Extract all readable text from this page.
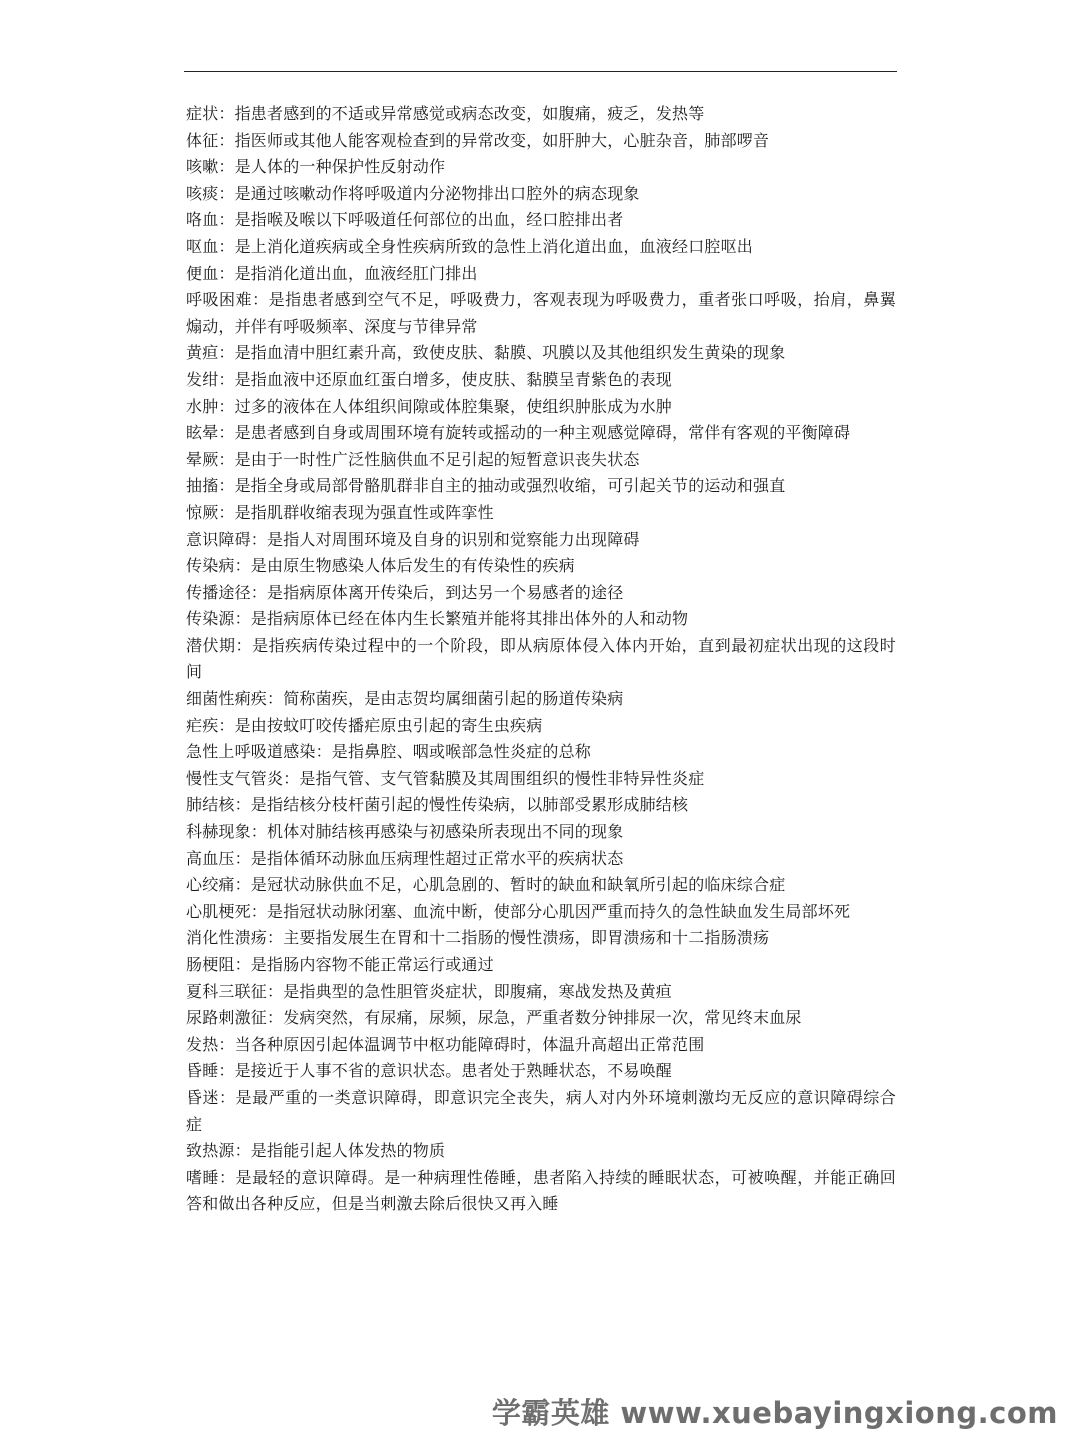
症状：指患者感到的不适或异常感觉或病态改变，如腹痛，疲乏，发热等

体征：指医师或其他人能客观检查到的异常改变，如肝肿大，心脏杂音，肺部啰音

咳嗽：是人体的一种保护性反射动作

咳痰：是通过咳嗽动作将呼吸道内分泌物排出口腔外的病态现象

咯血：是指喉及喉以下呼吸道任何部位的出血，经口腔排出者

呕血：是上消化道疾病或全身性疾病所致的急性上消化道出血，血液经口腔呕出

便血：是指消化道出血，血液经肛门排出

呼吸困难：是指患者感到空气不足，呼吸费力，客观表现为呼吸费力，重者张口呼吸，抬肩，鼻翼煽动，并伴有呼吸频率、深度与节律异常

黄疸：是指血清中胆红素升高，致使皮肤、黏膜、巩膜以及其他组织发生黄染的现象

发绀：是指血液中还原血红蛋白增多，使皮肤、黏膜呈青紫色的表现

水肿：过多的液体在人体组织间隙或体腔集聚，使组织肿胀成为水肿

眩晕：是患者感到自身或周围环境有旋转或摇动的一种主观感觉障碍，常伴有客观的平衡障碍

晕厥：是由于一时性广泛性脑供血不足引起的短暂意识丧失状态

抽搐：是指全身或局部骨骼肌群非自主的抽动或强烈收缩，可引起关节的运动和强直

惊厥：是指肌群收缩表现为强直性或阵挛性

意识障碍：是指人对周围环境及自身的识别和觉察能力出现障碍

传染病：是由原生物感染人体后发生的有传染性的疾病

传播途径：是指病原体离开传染后，到达另一个易感者的途径

传染源：是指病原体已经在体内生长繁殖并能将其排出体外的人和动物

潜伏期：是指疾病传染过程中的一个阶段，即从病原体侵入体内开始，直到最初症状出现的这段时间

细菌性痢疾：简称菌疾，是由志贺均属细菌引起的肠道传染病

疟疾：是由按蚊叮咬传播疟原虫引起的寄生虫疾病

急性上呼吸道感染：是指鼻腔、咽或喉部急性炎症的总称

慢性支气管炎：是指气管、支气管黏膜及其周围组织的慢性非特异性炎症

肺结核：是指结核分枝杆菌引起的慢性传染病，以肺部受累形成肺结核

科赫现象：机体对肺结核再感染与初感染所表现出不同的现象

高血压：是指体循环动脉血压病理性超过正常水平的疾病状态

心绞痛：是冠状动脉供血不足，心肌急剧的、暂时的缺血和缺氧所引起的临床综合症

心肌梗死：是指冠状动脉闭塞、血流中断，使部分心肌因严重而持久的急性缺血发生局部坏死

消化性溃疡：主要指发展生在胃和十二指肠的慢性溃疡，即胃溃疡和十二指肠溃疡

肠梗阻：是指肠内容物不能正常运行或通过

夏科三联征：是指典型的急性胆管炎症状，即腹痛，寒战发热及黄疸

尿路刺激征：发病突然，有尿痛，尿频，尿急，严重者数分钟排尿一次，常见终末血尿

发热：当各种原因引起体温调节中枢功能障碍时，体温升高超出正常范围

昏睡：是接近于人事不省的意识状态。患者处于熟睡状态，不易唤醒

昏迷：是最严重的一类意识障碍，即意识完全丧失，病人对内外环境刺激均无反应的意识障碍综合症

致热源：是指能引起人体发热的物质

嗜睡：是最轻的意识障碍。是一种病理性倦睡，患者陷入持续的睡眠状态，可被唤醒，并能正确回答和做出各种反应，但是当刺激去除后很快又再入睡

学霸英雄 www.xuebayingxiong.com
